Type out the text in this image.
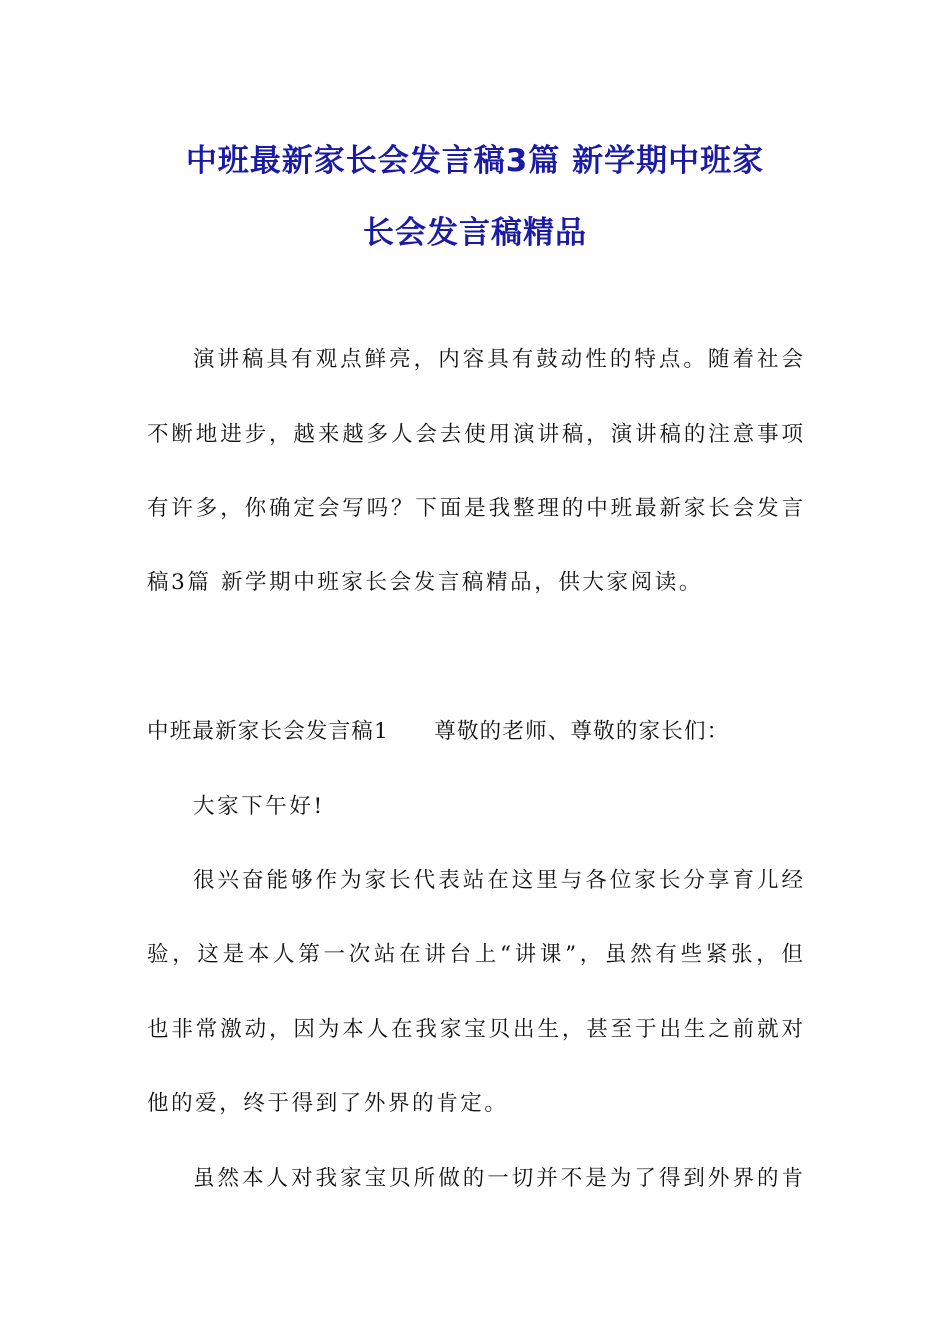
中班最新家长会发言稿3篇 新学期中班家
长会发言稿精品
演讲稿具有观点鲜亮，内容具有鼓动性的特点。随着社会
不断地进步，越来越多人会去使用演讲稿，演讲稿的注意事项
有许多，你确定会写吗？下面是我整理的中班最新家长会发言
稿3篇 新学期中班家长会发言稿精品，供大家阅读。
中班最新家长会发言稿1　　尊敬的老师、尊敬的家长们：
大家下午好!
很兴奋能够作为家长代表站在这里与各位家长分享育儿经
验，这是本人第一次站在讲台上“讲课”，虽然有些紧张，但
也非常激动，因为本人在我家宝贝出生，甚至于出生之前就对
他的爱，终于得到了外界的肯定。
虽然本人对我家宝贝所做的一切并不是为了得到外界的肯
